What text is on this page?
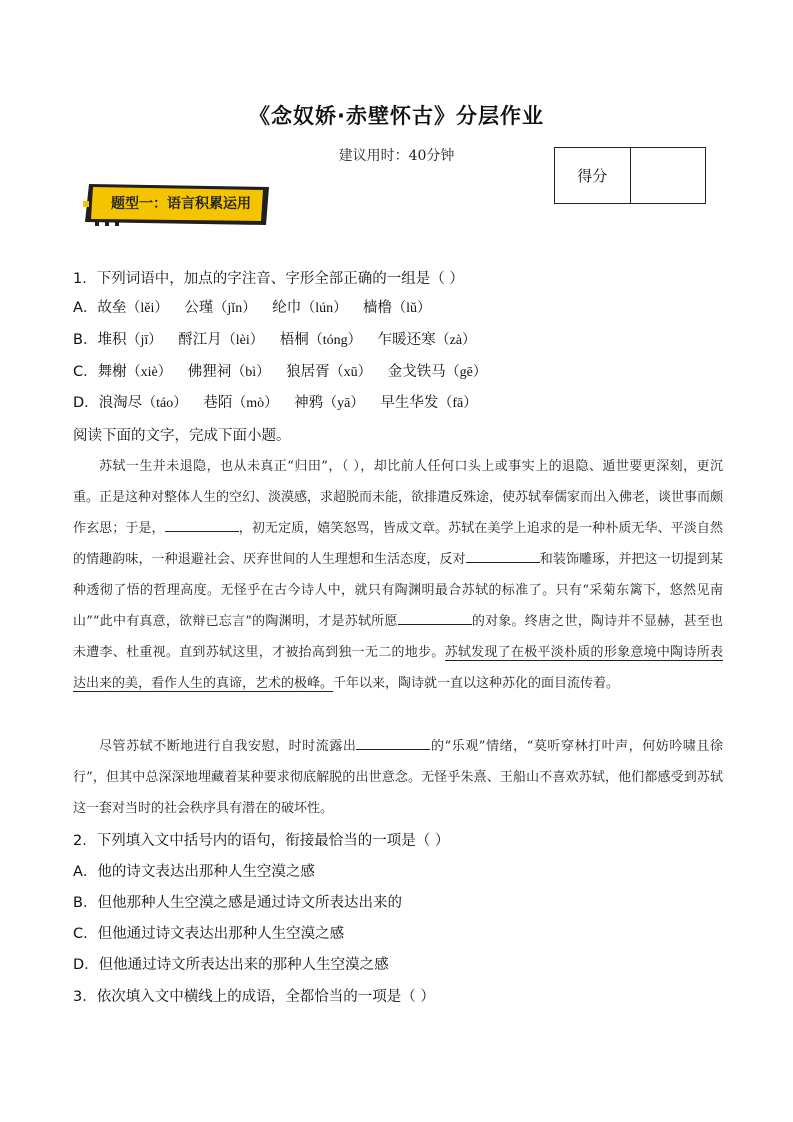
《念奴娇·赤壁怀古》分层作业
建议用时：40分钟
得分	
题型一：语言积累运用
1．下列词语中，加点的字注音、字形全部正确的一组是（ ）
A．故垒（lěi） 公瑾（jǐn） 纶巾（lún） 樯橹（lǔ）
B．堆积（jī） 酹江月（lèi） 梧桐（tóng） 乍暖还寒（zà）
C．舞榭（xiè） 佛狸祠（bì） 狼居胥（xū） 金戈铁马（gē）
D．浪淘尽（táo） 巷陌（mò） 神鸦（yā） 早生华发（fā）
阅读下面的文字，完成下面小题。
苏轼一生并未退隐，也从未真正“归田”，（ ），却比前人任何口头上或事实上的退隐、遁世要更深刻，更沉重。正是这种对整体人生的空幻、淡漠感，求超脱而未能，欲排遣反殊途，使苏轼奉儒家而出入佛老，谈世事而颇作玄思；于是，	，初无定质，嬉笑怒骂，皆成文章。苏轼在美学上追求的是一种朴质无华、平淡自然的情趣韵味，一种退避社会、厌弃世间的人生理想和生活态度，反对	和装饰雕琢，并把这一切提到某种透彻了悟的哲理高度。无怪乎在古今诗人中，就只有陶渊明最合苏轼的标准了。只有“采菊东篱下，悠然见南山”“此中有真意，欲辩已忘言”的陶渊明，才是苏轼所愿	的对象。终唐之世，陶诗并不显赫，甚至也未遭李、杜重视。直到苏轼这里，才被抬高到独一无二的地步。苏轼发现了在极平淡朴质的形象意境中陶诗所表达出来的美，看作人生的真谛，艺术的极峰。千年以来，陶诗就一直以这种苏化的面目流传着。
尽管苏轼不断地进行自我安慰，时时流露出	的“乐观”情绪，“莫听穿林打叶声，何妨吟啸且徐行”，但其中总深深地埋藏着某种要求彻底解脱的出世意念。无怪乎朱熹、王船山不喜欢苏轼，他们都感受到苏轼这一套对当时的社会秩序具有潜在的破坏性。
2．下列填入文中括号内的语句，衔接最恰当的一项是（ ）
A．他的诗文表达出那种人生空漠之感
B．但他那种人生空漠之感是通过诗文所表达出来的
C．但他通过诗文表达出那种人生空漠之感
D．但他通过诗文所表达出来的那种人生空漠之感
3．依次填入文中横线上的成语，全都恰当的一项是（ ）
